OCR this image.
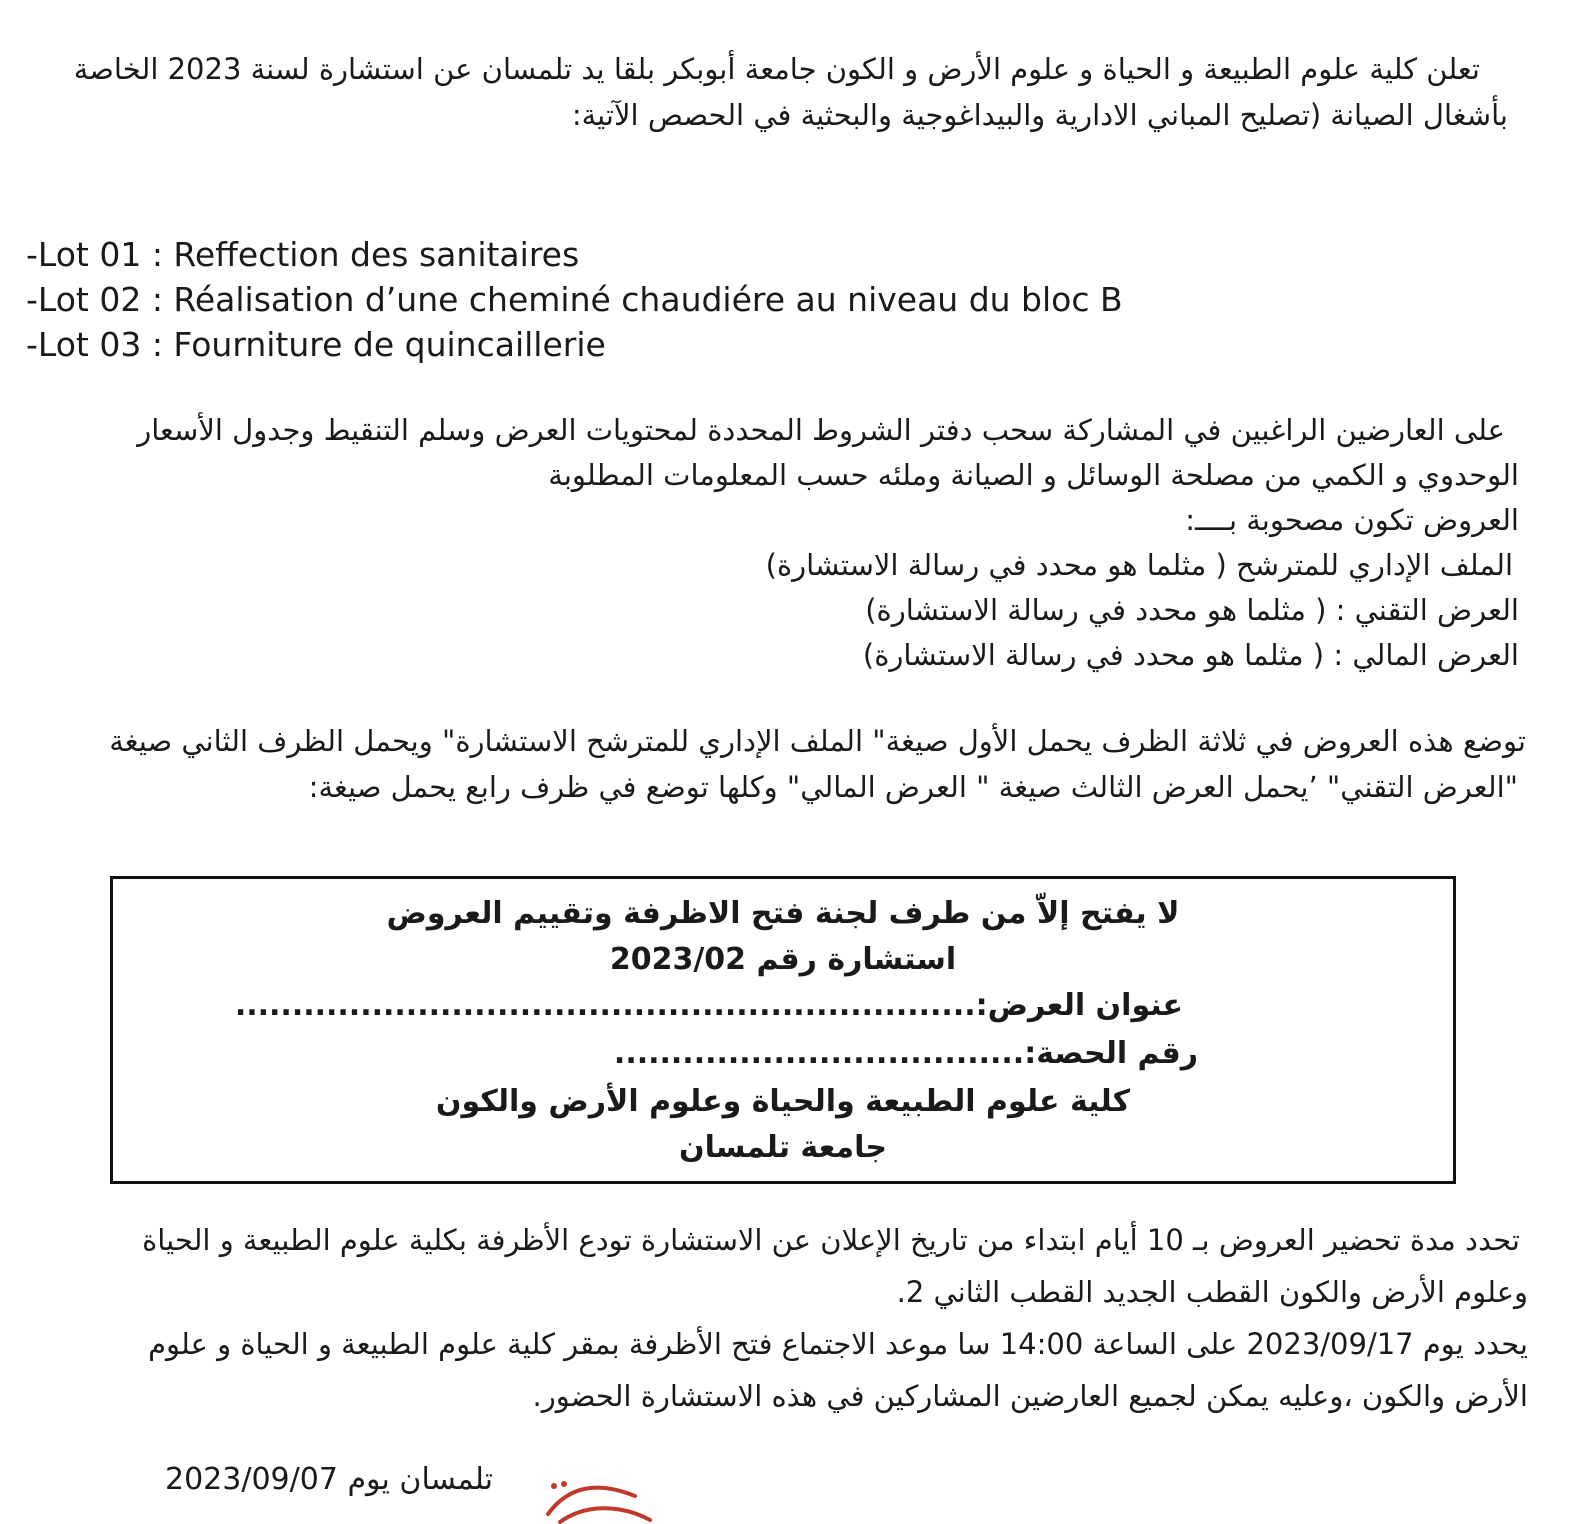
تعلن كلية علوم الطبيعة و الحياة و علوم الأرض و الكون جامعة أبوبكر بلقا يد تلمسان عن استشارة لسنة 2023 الخاصة

بأشغال الصيانة (تصليح المباني الادارية والبيداغوجية والبحثية في الحصص الآتية:

-Lot 01 : Reffection des sanitaires
-Lot 02 : Réalisation d’une cheminé chaudiére au niveau du bloc B
-Lot 03 : Fourniture de quincaillerie

على العارضين الراغبين في المشاركة سحب دفتر الشروط المحددة لمحتويات العرض وسلم التنقيط وجدول الأسعار

الوحدوي و الكمي من مصلحة الوسائل و الصيانة وملئه حسب المعلومات المطلوبة

العروض تكون مصحوبة بــــ:

الملف الإداري للمترشح ( مثلما هو محدد في رسالة الاستشارة)

العرض التقني : ( مثلما هو محدد في رسالة الاستشارة)

العرض المالي : ( مثلما هو محدد في رسالة الاستشارة)

توضع هذه العروض في ثلاثة الظرف يحمل الأول صيغة" الملف الإداري للمترشح الاستشارة" ويحمل الظرف الثاني صيغة

"العرض التقني" ٬يحمل العرض الثالث صيغة " العرض المالي" وكلها توضع في ظرف رابع يحمل صيغة:

لا يفتح إلاّ من طرف لجنة فتح الاظرفة وتقييم العروض
استشارة رقم 2023/02
عنوان العرض:.................................................................
رقم الحصة:....................................
كلية علوم الطبيعة والحياة وعلوم الأرض والكون
جامعة تلمسان

تحدد مدة تحضير العروض بـ 10 أيام ابتداء من تاريخ الإعلان عن الاستشارة تودع الأظرفة بكلية علوم الطبيعة و الحياة

وعلوم الأرض والكون القطب الجديد القطب الثاني 2.

يحدد يوم 2023/09/17 على الساعة 14:00 سا موعد الاجتماع فتح الأظرفة بمقر كلية علوم الطبيعة و الحياة و علوم

الأرض والكون ،وعليه يمكن لجميع العارضين المشاركين في هذه الاستشارة الحضور.

تلمسان يوم 2023/09/07
